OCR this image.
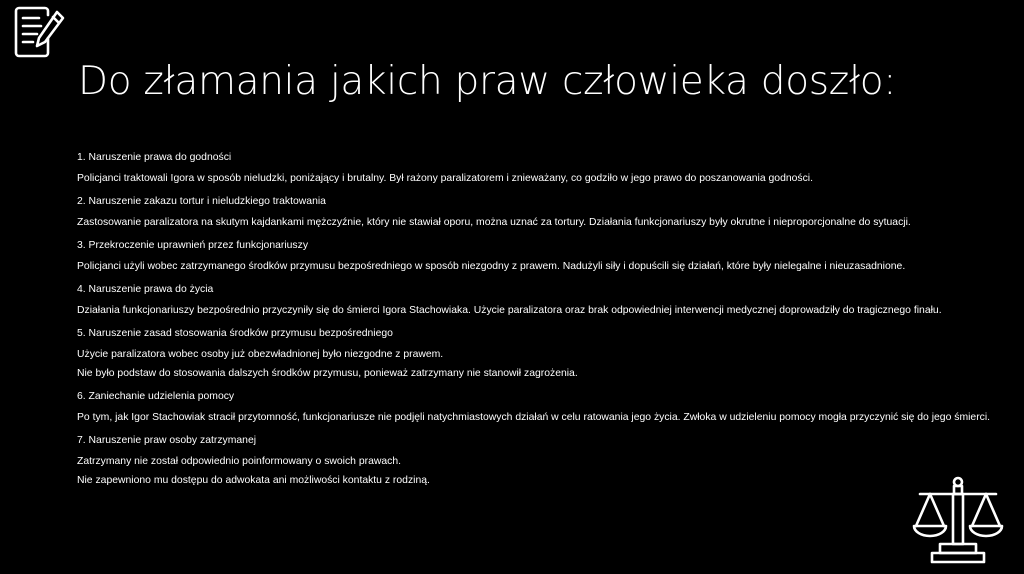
Do złamania jakich praw człowieka doszło:

1. Naruszenie prawa do godności

Policjanci traktowali Igora w sposób nieludzki, poniżający i brutalny. Był rażony paralizatorem i znieważany, co godziło w jego prawo do poszanowania godności.

2. Naruszenie zakazu tortur i nieludzkiego traktowania

Zastosowanie paralizatora na skutym kajdankami mężczyźnie, który nie stawiał oporu, można uznać za tortury. Działania funkcjonariuszy były okrutne i nieproporcjonalne do sytuacji.

3. Przekroczenie uprawnień przez funkcjonariuszy

Policjanci użyli wobec zatrzymanego środków przymusu bezpośredniego w sposób niezgodny z prawem. Nadużyli siły i dopuścili się działań, które były nielegalne i nieuzasadnione.

4. Naruszenie prawa do życia

Działania funkcjonariuszy bezpośrednio przyczyniły się do śmierci Igora Stachowiaka. Użycie paralizatora oraz brak odpowiedniej interwencji medycznej doprowadziły do tragicznego finału.

5. Naruszenie zasad stosowania środków przymusu bezpośredniego

Użycie paralizatora wobec osoby już obezwładnionej było niezgodne z prawem.

Nie było podstaw do stosowania dalszych środków przymusu, ponieważ zatrzymany nie stanowił zagrożenia.

6. Zaniechanie udzielenia pomocy

Po tym, jak Igor Stachowiak stracił przytomność, funkcjonariusze nie podjęli natychmiastowych działań w celu ratowania jego życia. Zwłoka w udzieleniu pomocy mogła przyczynić się do jego śmierci.

7. Naruszenie praw osoby zatrzymanej

Zatrzymany nie został odpowiednio poinformowany o swoich prawach.

Nie zapewniono mu dostępu do adwokata ani możliwości kontaktu z rodziną.
